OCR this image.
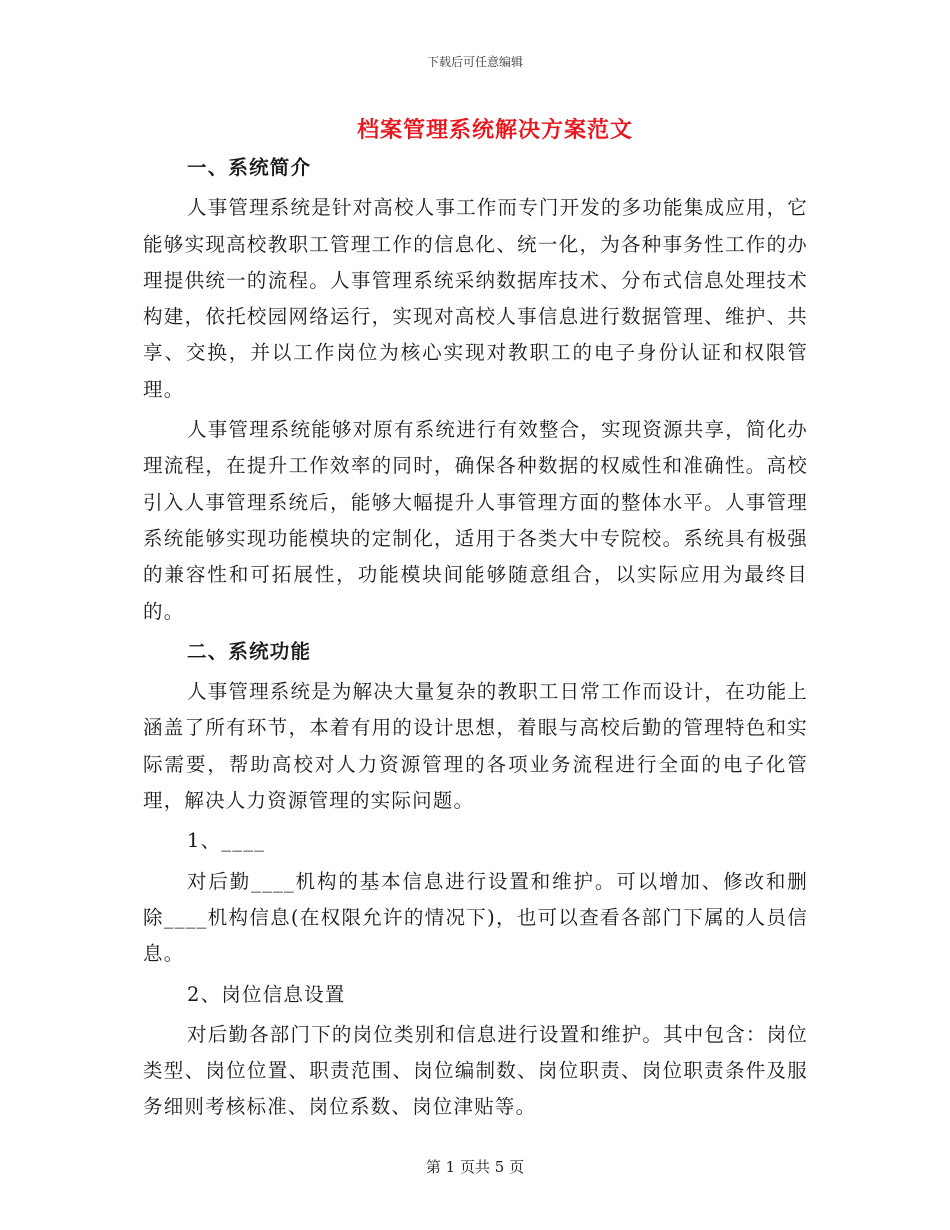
下载后可任意编辑
档案管理系统解决方案范文

一、系统简介

人事管理系统是针对高校人事工作而专门开发的多功能集成应用，它能够实现高校教职工管理工作的信息化、统一化，为各种事务性工作的办理提供统一的流程。人事管理系统采纳数据库技术、分布式信息处理技术构建，依托校园网络运行，实现对高校人事信息进行数据管理、维护、共享、交换，并以工作岗位为核心实现对教职工的电子身份认证和权限管理。

人事管理系统能够对原有系统进行有效整合，实现资源共享，简化办理流程，在提升工作效率的同时，确保各种数据的权威性和准确性。高校引入人事管理系统后，能够大幅提升人事管理方面的整体水平。人事管理系统能够实现功能模块的定制化，适用于各类大中专院校。系统具有极强的兼容性和可拓展性，功能模块间能够随意组合，以实际应用为最终目的。

二、系统功能

人事管理系统是为解决大量复杂的教职工日常工作而设计，在功能上涵盖了所有环节，本着有用的设计思想，着眼与高校后勤的管理特色和实际需要，帮助高校对人力资源管理的各项业务流程进行全面的电子化管理，解决人力资源管理的实际问题。

1、____

对后勤____机构的基本信息进行设置和维护。可以增加、修改和删除____机构信息(在权限允许的情况下)，也可以查看各部门下属的人员信息。

2、岗位信息设置

对后勤各部门下的岗位类别和信息进行设置和维护。其中包含：岗位类型、岗位位置、职责范围、岗位编制数、岗位职责、岗位职责条件及服务细则考核标准、岗位系数、岗位津贴等。

第 1 页共 5 页
